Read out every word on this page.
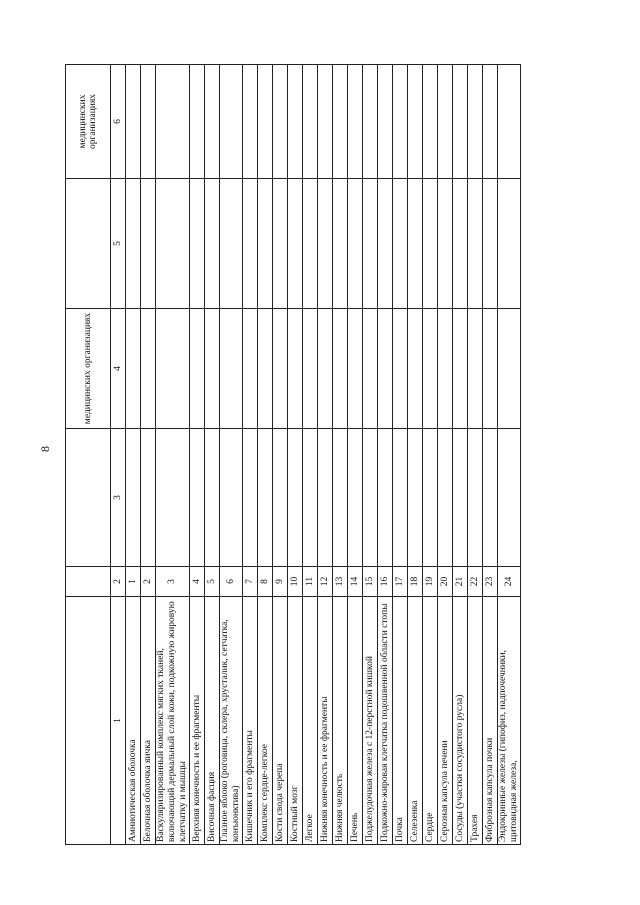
8
			медицинских организациях		медицинских организациях
1	2	3	4	5	6
Амниотическая оболочка	1				
Белочная оболочка яичка	2				
Васкуляризированный комплекс мягких тканей, включающий дермальный слой кожи, подкожную жировую клетчатку и мышцы	3				
Верхняя конечность и ее фрагменты	4				
Височная фасция	5				
Глазное яблоко (роговица, склера, хрусталик, сетчатка, конъюнктива)	6				
Кишечник и его фрагменты	7				
Комплекс сердце-легкое	8				
Кости свода черепа	9				
Костный мозг	10				
Легкое	11				
Нижняя конечность и ее фрагменты	12				
Нижняя челюсть	13				
Печень	14				
Поджелудочная железа с 12-перстной кишкой	15				
Подкожно-жировая клетчатка подошвенной области стопы	16				
Почка	17				
Селезенка	18				
Сердце	19				
Серозная капсула печени	20				
Сосуды (участки сосудистого русла)	21				
Трахея	22				
Фиброзная капсула почки	23				
Эндокринные железы (гипофиз, надпочечники, щитовидная железа,	24				
